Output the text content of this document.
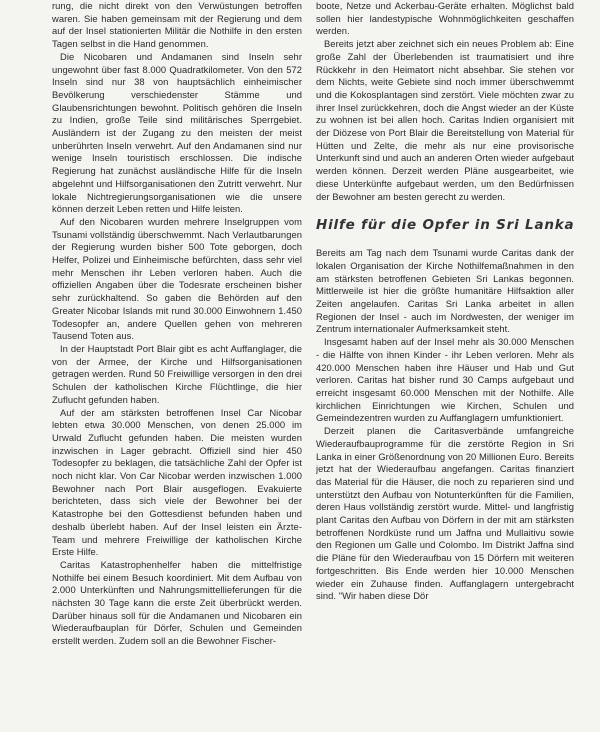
rung, die nicht direkt von den Verwüstungen betroffen waren. Sie haben gemeinsam mit der Regierung und dem auf der Insel stationierten Militär die Nothilfe in den ersten Tagen selbst in die Hand genommen.

Die Nicobaren und Andamanen sind Inseln sehr ungewohnt über fast 8.000 Quadratkilometer. Von den 572 Inseln sind nur 38 von hauptsächlich einheimischer Bevölkerung verschiedenster Stämme und Glaubensrichtungen bewohnt. Politisch gehören die Inseln zu Indien, große Teile sind militärisches Sperrgebiet. Ausländern ist der Zugang zu den meisten der meist unberührten Inseln verwehrt. Auf den Andamanen sind nur wenige Inseln touristisch erschlossen. Die indische Regierung hat zunächst ausländische Hilfe für die Inseln abgelehnt und Hilfsorganisationen den Zutritt verwehrt. Nur lokale Nichtregierungsorganisationen wie die unsere können derzeit Leben retten und Hilfe leisten.

Auf den Nicobaren wurden mehrere Inselgruppen vom Tsunami vollständig überschwemmt. Nach Verlautbarungen der Regierung wurden bisher 500 Tote geborgen, doch Helfer, Polizei und Einheimische befürchten, dass sehr viel mehr Menschen ihr Leben verloren haben. Auch die offiziellen Angaben über die Todesrate erscheinen bisher sehr zurückhaltend. So gaben die Behörden auf den Greater Nicobar Islands mit rund 30.000 Einwohnern 1.450 Todesopfer an, andere Quellen gehen von mehreren Tausend Toten aus.

In der Hauptstadt Port Blair gibt es acht Auffanglager, die von der Armee, der Kirche und Hilfsorganisationen getragen werden. Rund 50 Freiwillige versorgen in den drei Schulen der katholischen Kirche Flüchtlinge, die hier Zuflucht gefunden haben.

Auf der am stärksten betroffenen Insel Car Nicobar lebten etwa 30.000 Menschen, von denen 25.000 im Urwald Zuflucht gefunden haben. Die meisten wurden inzwischen in Lager gebracht. Offiziell sind hier 450 Todesopfer zu beklagen, die tatsächliche Zahl der Opfer ist noch nicht klar. Von Car Nicobar werden inzwischen 1.000 Bewohner nach Port Blair ausgeflogen. Evakuierte berichteten, dass sich viele der Bewohner bei der Katastrophe bei den Gottesdienst befunden haben und deshalb überlebt haben. Auf der Insel leisten ein Ärzte-Team und mehrere Freiwillige der katholischen Kirche Erste Hilfe.

Caritas Katastrophenhelfer haben die mittelfristige Nothilfe bei einem Besuch koordiniert. Mit dem Aufbau von 2.000 Unterkünften und Nahrungsmittellieferungen für die nächsten 30 Tage kann die erste Zeit überbrückt werden. Darüber hinaus soll für die Andamanen und Nicobaren ein Wiederaufbauplan für Dörfer, Schulen und Gemeinden erstellt werden. Zudem soll an die Bewohner Fischer-

boote, Netze und Ackerbau-Geräte erhalten. Möglichst bald sollen hier landestypische Wohnmöglichkeiten geschaffen werden.

Bereits jetzt aber zeichnet sich ein neues Problem ab: Eine große Zahl der Überlebenden ist traumatisiert und ihre Rückkehr in den Heimatort nicht absehbar. Sie stehen vor dem Nichts, weite Gebiete sind noch immer überschwemmt und die Kokosplantagen sind zerstört. Viele möchten zwar zu ihrer Insel zurückkehren, doch die Angst wieder an der Küste zu wohnen ist bei allen hoch. Caritas Indien organisiert mit der Diözese von Port Blair die Bereitstellung von Material für Hütten und Zelte, die mehr als nur eine provisorische Unterkunft sind und auch an anderen Orten wieder aufgebaut werden können. Derzeit werden Pläne ausgearbeitet, wie diese Unterkünfte aufgebaut werden, um den Bedürfnissen der Bewohner am besten gerecht zu werden.

Hilfe für die Opfer in Sri Lanka

Bereits am Tag nach dem Tsunami wurde Caritas dank der lokalen Organisation der Kirche Nothilfemaßnahmen in den am stärksten betroffenen Gebieten Sri Lankas begonnen. Mittlerweile ist hier die größte humanitäre Hilfsaktion aller Zeiten angelaufen. Caritas Sri Lanka arbeitet in allen Regionen der Insel - auch im Nordwesten, der weniger im Zentrum internationaler Aufmerksamkeit steht.

Insgesamt haben auf der Insel mehr als 30.000 Menschen - die Hälfte von ihnen Kinder - ihr Leben verloren. Mehr als 420.000 Menschen haben ihre Häuser und Hab und Gut verloren. Caritas hat bisher rund 30 Camps aufgebaut und erreicht insgesamt 60.000 Menschen mit der Nothilfe. Alle kirchlichen Einrichtungen wie Kirchen, Schulen und Gemeindezentren wurden zu Auffanglagern umfunktioniert.

Derzeit planen die Caritasverbände umfangreiche Wiederaufbauprogramme für die zerstörte Region in Sri Lanka in einer Größenordnung von 20 Millionen Euro. Bereits jetzt hat der Wiederaufbau angefangen. Caritas finanziert das Material für die Häuser, die noch zu reparieren sind und unterstützt den Aufbau von Notunterkünften für die Familien, deren Haus vollständig zerstört wurde. Mittel- und langfristig plant Caritas den Aufbau von Dörfern in der mit am stärksten betroffenen Nordküste rund um Jaffna und Mullaitivu sowie den Regionen um Galle und Colombo. Im Distrikt Jaffna sind die Pläne für den Wiederaufbau von 15 Dörfern mit weiteren fortgeschritten. Bis Ende werden hier 10.000 Menschen wieder ein Zuhause finden. Auffanglagern untergebracht sind. "Wir haben diese Dör
